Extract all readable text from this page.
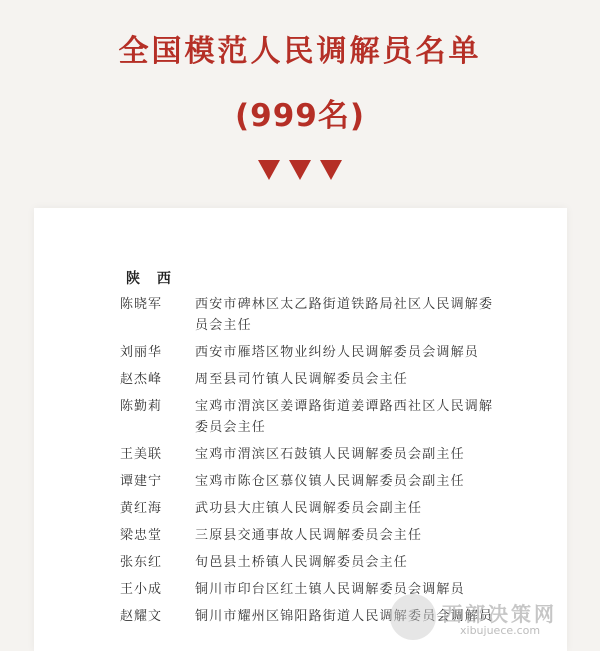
全国模范人民调解员名单
(999名)
陕 西
陈晓军	西安市碑林区太乙路街道铁路局社区人民调解委员会主任
刘丽华	西安市雁塔区物业纠纷人民调解委员会调解员
赵杰峰	周至县司竹镇人民调解委员会主任
陈勤莉	宝鸡市渭滨区姜谭路街道姜谭路西社区人民调解委员会主任
王美联	宝鸡市渭滨区石鼓镇人民调解委员会副主任
谭建宁	宝鸡市陈仓区慕仪镇人民调解委员会副主任
黄红海	武功县大庄镇人民调解委员会副主任
梁忠堂	三原县交通事故人民调解委员会主任
张东红	旬邑县土桥镇人民调解委员会主任
王小成	铜川市印台区红土镇人民调解委员会调解员
赵耀文	铜川市耀州区锦阳路街道人民调解委员会调解员
西部决策网
xibujuece.com
